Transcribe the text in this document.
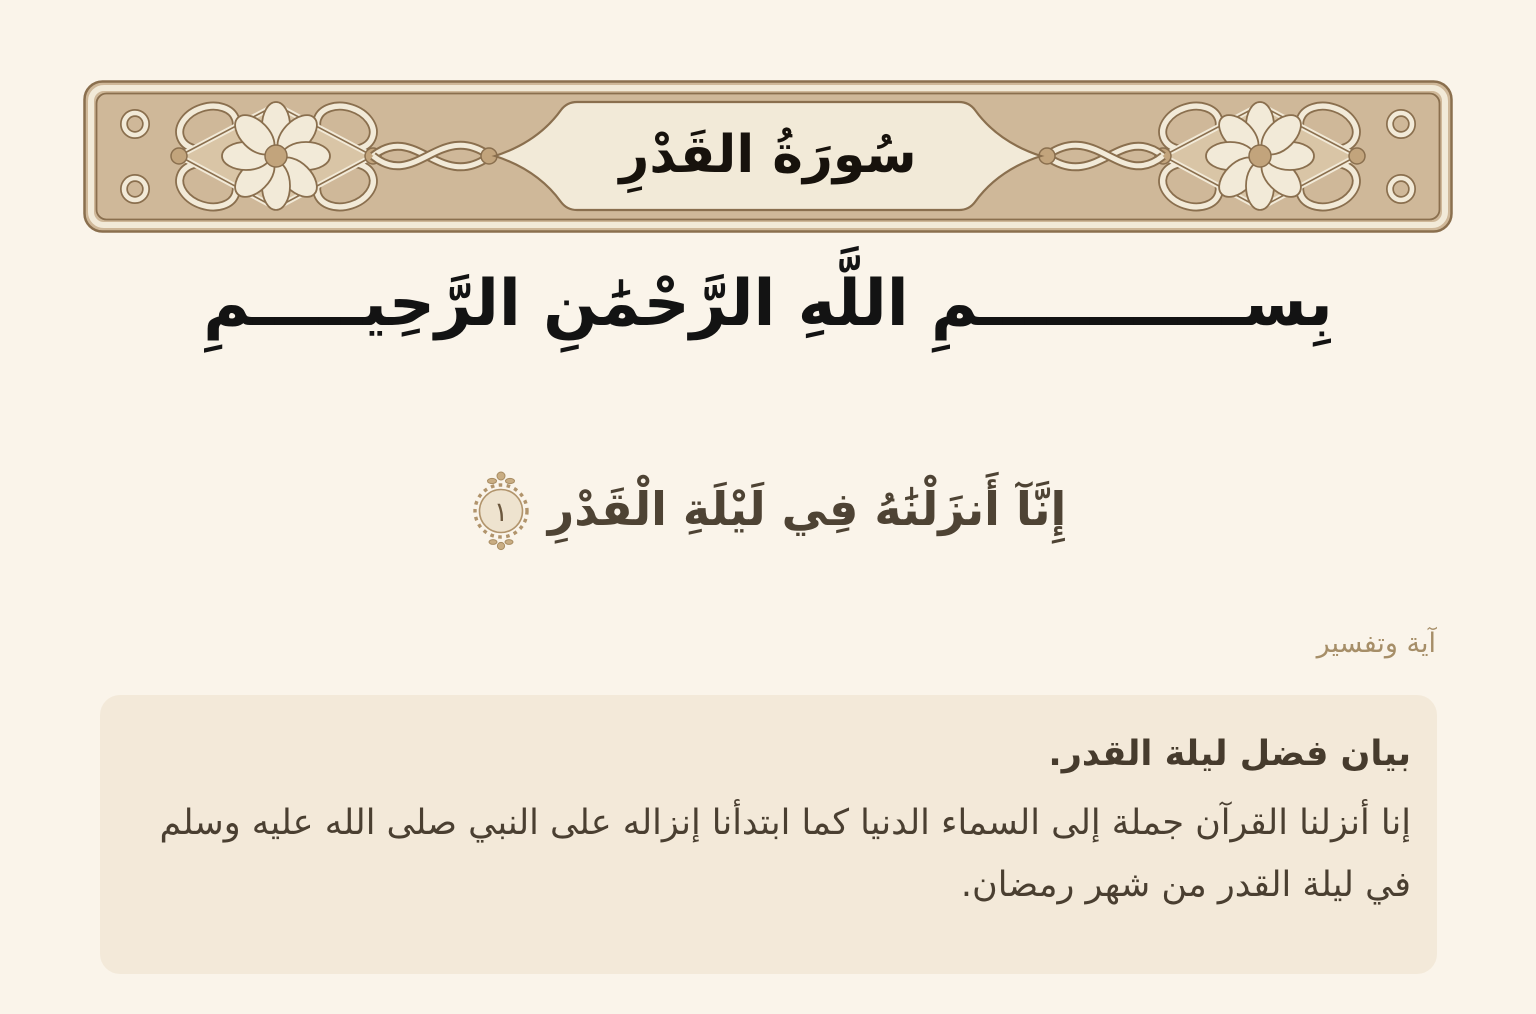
سُورَةُ القَدْرِ
بِســــــــــــمِ اللَّهِ الرَّحْمَٰنِ الرَّحِيـــــمِ
إِنَّآ أَنزَلْنَٰهُ فِي لَيْلَةِ الْقَدْرِ
١
آية وتفسير
بيان فضل ليلة القدر.
إنا أنزلنا القرآن جملة إلى السماء الدنيا كما ابتدأنا إنزاله على النبي صلى الله عليه وسلم في ليلة القدر من شهر رمضان.
